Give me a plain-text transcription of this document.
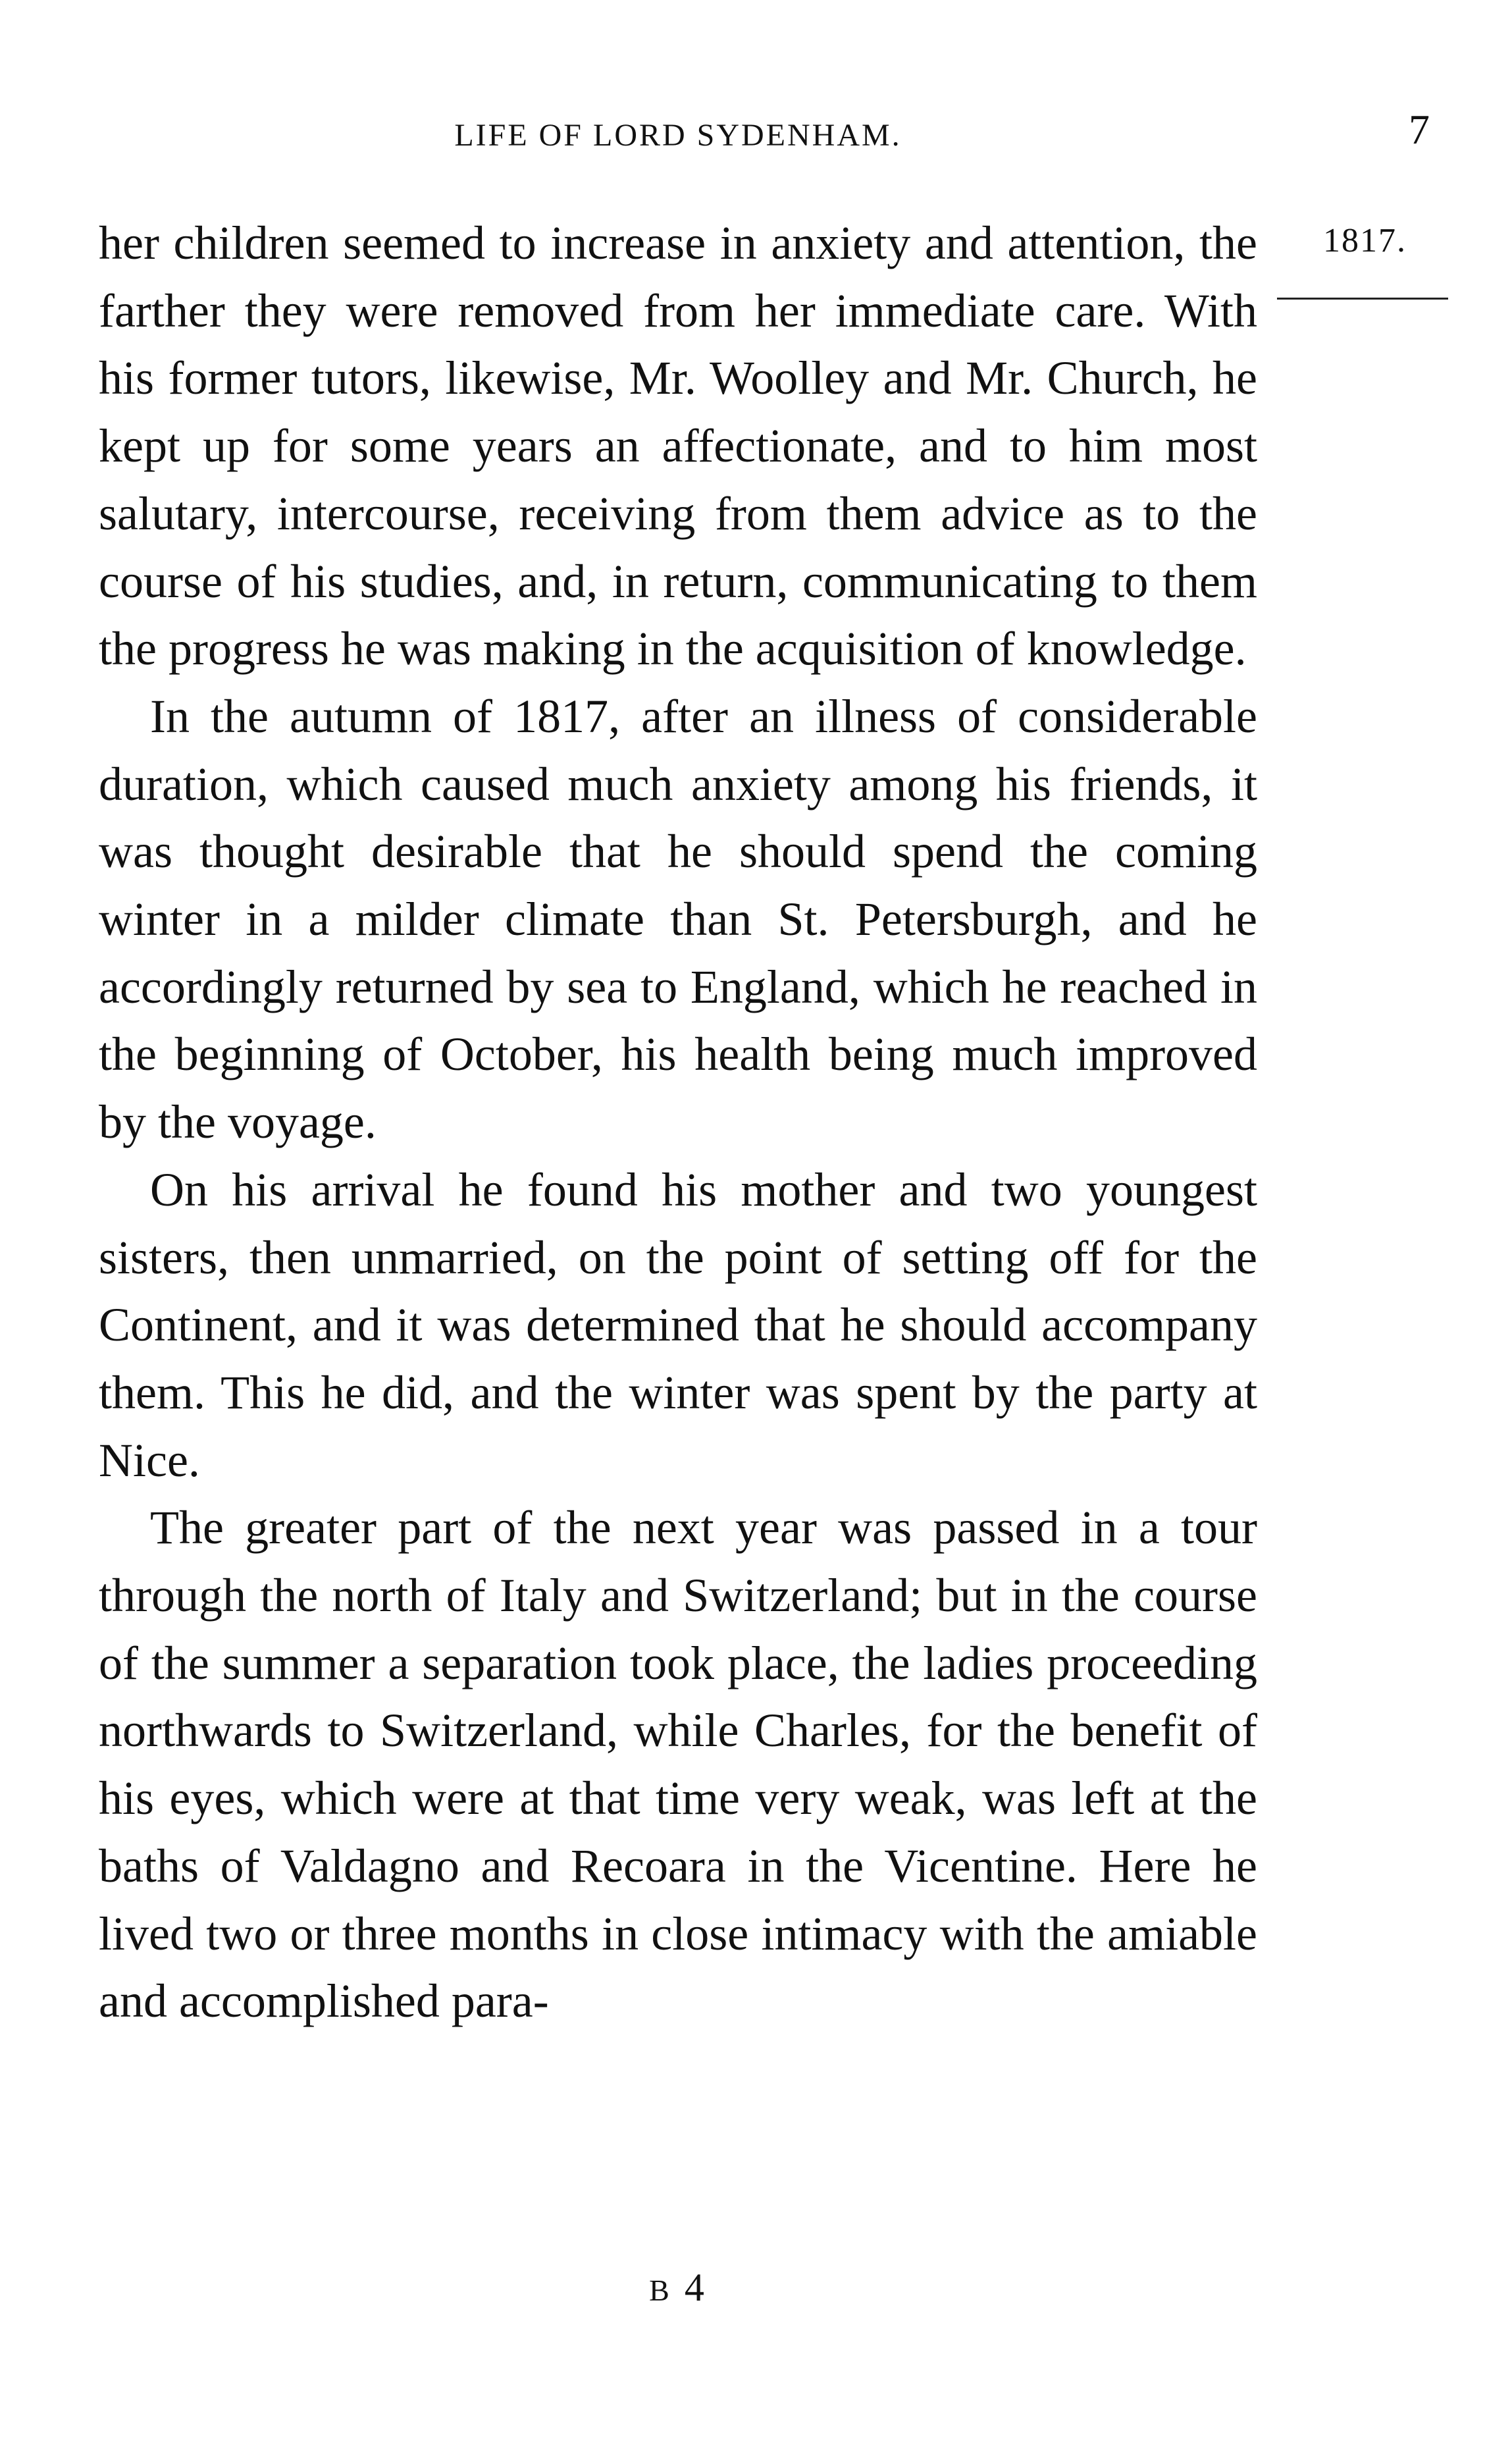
LIFE OF LORD SYDENHAM.	7
1817.

her children seemed to increase in anxiety and attention, the farther they were removed from her immediate care. With his former tutors, likewise, Mr. Woolley and Mr. Church, he kept up for some years an affectionate, and to him most salutary, intercourse, receiving from them advice as to the course of his studies, and, in return, communicating to them the progress he was making in the acquisition of knowledge.

In the autumn of 1817, after an illness of considerable duration, which caused much anxiety among his friends, it was thought desirable that he should spend the coming winter in a milder climate than St. Petersburgh, and he accordingly returned by sea to England, which he reached in the beginning of October, his health being much improved by the voyage.

On his arrival he found his mother and two youngest sisters, then unmarried, on the point of setting off for the Continent, and it was determined that he should accompany them. This he did, and the winter was spent by the party at Nice.

The greater part of the next year was passed in a tour through the north of Italy and Switzerland; but in the course of the summer a separation took place, the ladies proceeding northwards to Switzerland, while Charles, for the benefit of his eyes, which were at that time very weak, was left at the baths of Valdagno and Recoara in the Vicentine. Here he lived two or three months in close intimacy with the amiable and accomplished para-

B 4
